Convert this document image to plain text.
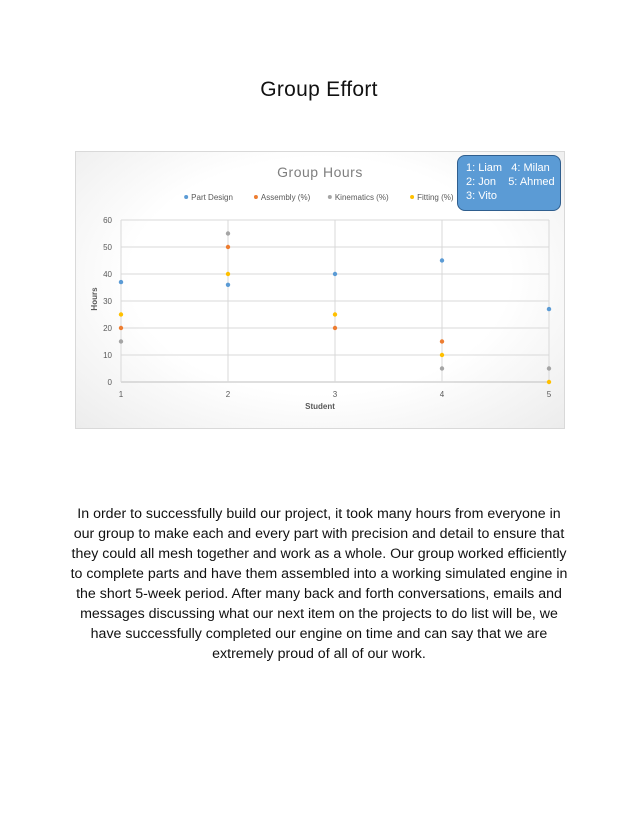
Group Effort
0
10
20
30
40
50
60
1	2	3	4	5
Part Design	Assembly (%)	Kinematics (%)	Fitting (%)
Group Hours
Student
Hours
1: Liam   4: Milan
2: Jon    5: Ahmed
3: Vito
In order to successfully build our project, it took many hours from everyone in our group to make each and every part with precision and detail to ensure that they could all mesh together and work as a whole. Our group worked efficiently to complete parts and have them assembled into a working simulated engine in the short 5-week period. After many back and forth conversations, emails and messages discussing what our next item on the projects to do list will be, we have successfully completed our engine on time and can say that we are extremely proud of all of our work.
